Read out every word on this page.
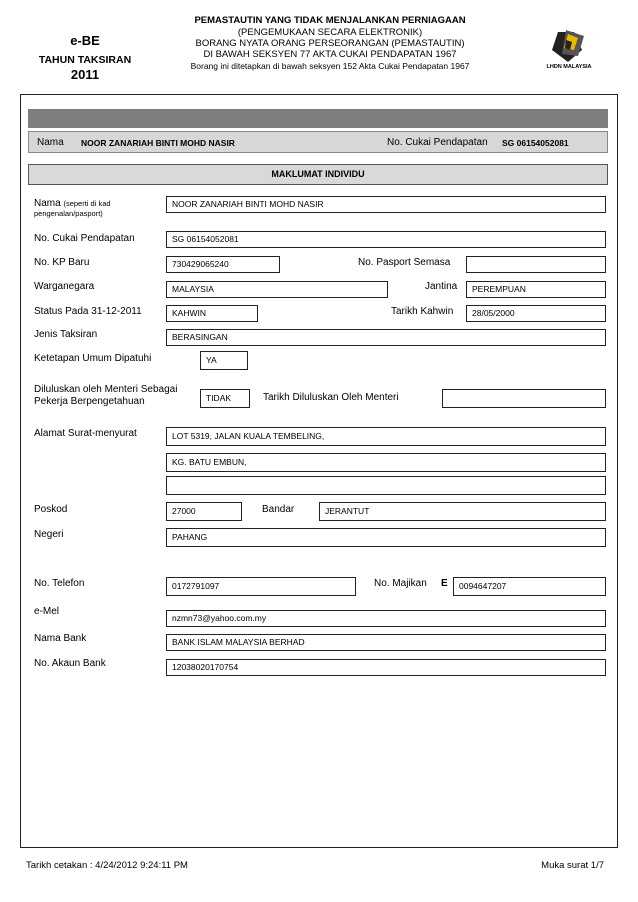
e-BE
TAHUN TAKSIRAN
2011
PEMASTAUTIN YANG TIDAK MENJALANKAN PERNIAGAAN
(PENGEMUKAAN SECARA ELEKTRONIK)
BORANG NYATA ORANG PERSEORANGAN (PEMASTAUTIN)
DI BAWAH SEKSYEN 77 AKTA CUKAI PENDAPATAN 1967
Borang ini ditetapkan di bawah seksyen 152 Akta Cukai Pendapatan 1967	LHDN MALAYSIA
Nama NOOR ZANARIAH BINTI MOHD NASIR	No. Cukai Pendapatan SG 06154052081
MAKLUMAT INDIVIDU
Nama (seperti di kad
pengenalan/pasport)
NOOR ZANARIAH BINTI MOHD NASIR
No. Cukai Pendapatan	SG 06154052081
No. KP Baru	730429065240	No. Pasport Semasa
Warganegara	MALAYSIA	Jantina	PEREMPUAN
Status Pada 31-12-2011	KAHWIN	Tarikh Kahwin	28/05/2000
Jenis Taksiran	BERASINGAN
Ketetapan Umum Dipatuhi	YA
Diluluskan oleh Menteri Sebagai
Pekerja Berpengetahuan	TIDAK	Tarikh Diluluskan Oleh Menteri
Alamat Surat-menyurat	LOT 5319, JALAN KUALA TEMBELING,
KG. BATU EMBUN,
Poskod	27000	Bandar	JERANTUT
Negeri	PAHANG
No. Telefon	0172791097	No. Majikan E	0094647207
e-Mel
nzmn73@yahoo.com.my
Nama Bank	BANK ISLAM MALAYSIA BERHAD
No. Akaun Bank	12038020170754
Tarikh cetakan : 4/24/2012 9:24:11 PM	Muka surat 1/7
